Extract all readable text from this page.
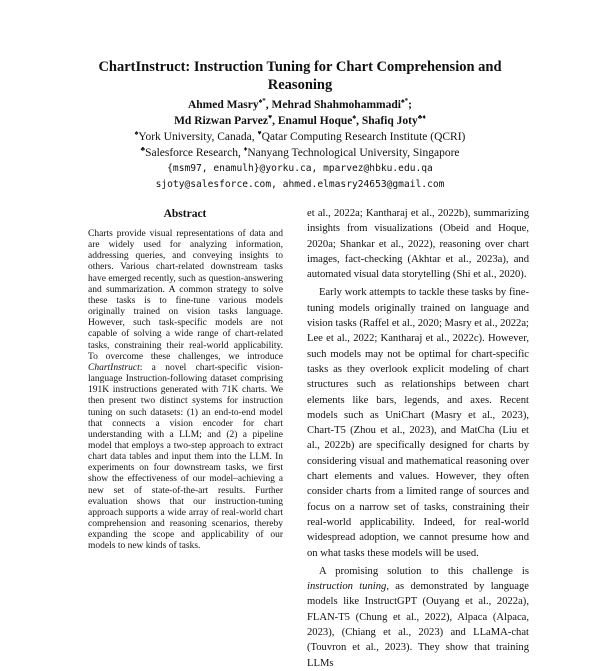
ChartInstruct: Instruction Tuning for Chart Comprehension and
Reasoning
Ahmed Masry♠*, Mehrad Shahmohammadi♠*;
Md Rizwan Parvez♥, Enamul Hoque♠, Shafiq Joty♣♦
♠York University, Canada, ♥Qatar Computing Research Institute (QCRI)
♣Salesforce Research, ♦Nanyang Technological University, Singapore
{msm97, enamulh}@yorku.ca, mparvez@hbku.edu.qa
sjoty@salesforce.com, ahmed.elmasry24653@gmail.com
Abstract

Charts provide visual representations of data and are widely used for analyzing information, addressing queries, and conveying insights to others. Various chart-related downstream tasks have emerged recently, such as question-answering and summarization. A common strategy to solve these tasks is to fine-tune various models originally trained on vision tasks language. However, such task-specific models are not capable of solving a wide range of chart-related tasks, constraining their real-world applicability. To overcome these challenges, we introduce ChartInstruct: a novel chart-specific vision-language Instruction-following dataset comprising 191K instructions generated with 71K charts. We then present two distinct systems for instruction tuning on such datasets: (1) an end-to-end model that connects a vision encoder for chart understanding with a LLM; and (2) a pipeline model that employs a two-step approach to extract chart data tables and input them into the LLM. In experiments on four downstream tasks, we first show the effectiveness of our model–achieving a new set of state-of-the-art results. Further evaluation shows that our instruction-tuning approach supports a wide array of real-world chart comprehension and reasoning scenarios, thereby expanding the scope and applicability of our models to new kinds of tasks.

et al., 2022a; Kantharaj et al., 2022b), summarizing insights from visualizations (Obeid and Hoque, 2020a; Shankar et al., 2022), reasoning over chart images, fact-checking (Akhtar et al., 2023a), and automated visual data storytelling (Shi et al., 2020).

Early work attempts to tackle these tasks by fine-tuning models originally trained on language and vision tasks (Raffel et al., 2020; Masry et al., 2022a; Lee et al., 2022; Kantharaj et al., 2022c). However, such models may not be optimal for chart-specific tasks as they overlook explicit modeling of chart structures such as relationships between chart elements like bars, legends, and axes. Recent models such as UniChart (Masry et al., 2023), Chart-T5 (Zhou et al., 2023), and MatCha (Liu et al., 2022b) are specifically designed for charts by considering visual and mathematical reasoning over chart elements and values. However, they often consider charts from a limited range of sources and focus on a narrow set of tasks, constraining their real-world applicability. Indeed, for real-world widespread adoption, we cannot presume how and on what tasks these models will be used.

A promising solution to this challenge is instruction tuning, as demonstrated by language models like InstructGPT (Ouyang et al., 2022a), FLAN-T5 (Chung et al., 2022), Alpaca (Alpaca, 2023), (Chiang et al., 2023) and LLaMA-chat (Touvron et al., 2023). They show that training LLMs
